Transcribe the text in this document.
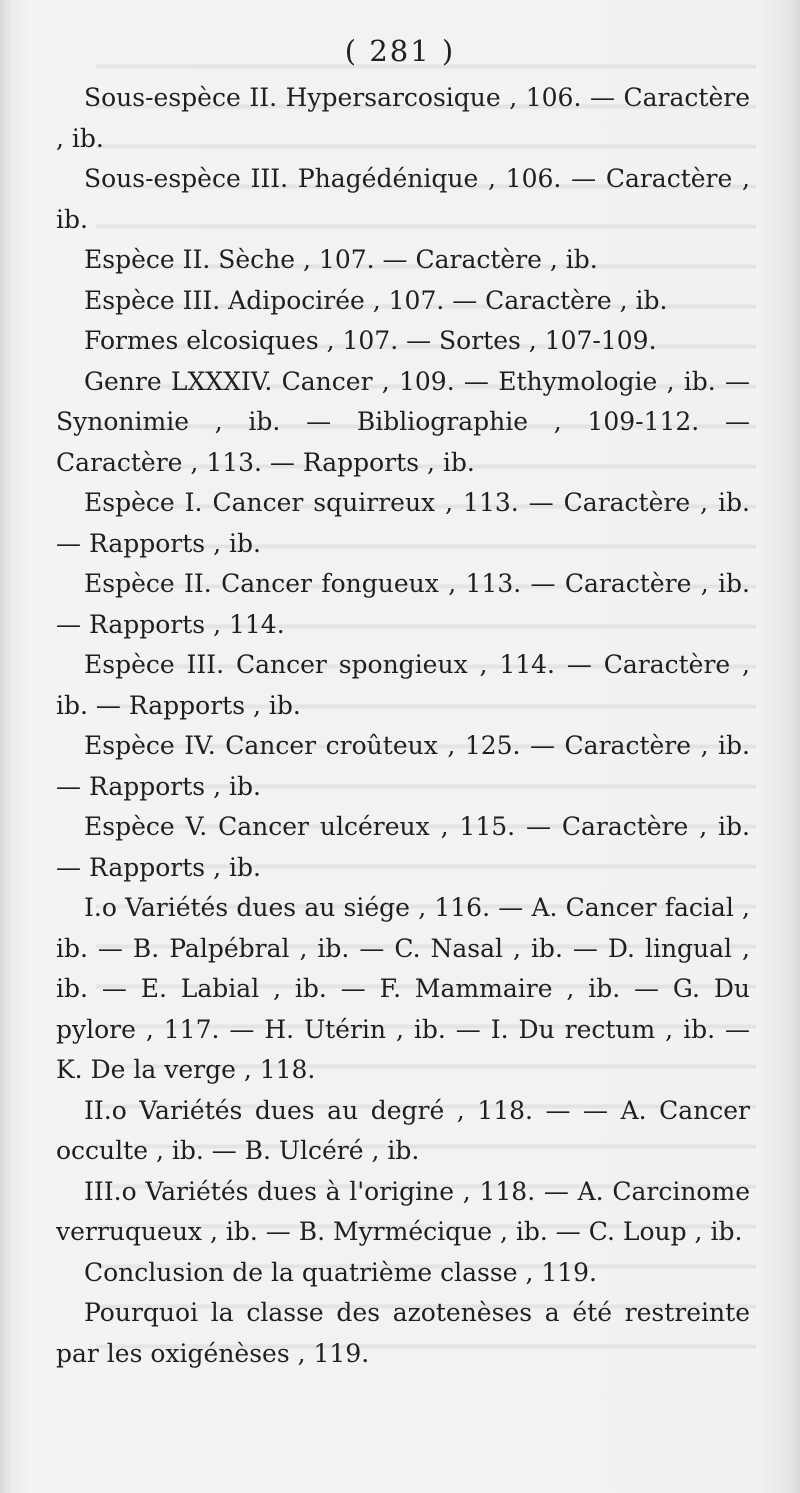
( 281 )

Sous-espèce II. Hypersarcosique , 106. — Caractère , ib.

Sous-espèce III. Phagédénique , 106. — Caractère , ib.

Espèce II. Sèche , 107. — Caractère , ib.

Espèce III. Adipocirée , 107. — Caractère , ib.

Formes elcosiques , 107. — Sortes , 107-109.

Genre LXXXIV. Cancer , 109. — Ethymologie , ib. — Synonimie , ib. — Bibliographie , 109-112. — Caractère , 113. — Rapports , ib.

Espèce I. Cancer squirreux , 113. — Caractère , ib. — Rapports , ib.

Espèce II. Cancer fongueux , 113. — Caractère , ib. — Rapports , 114.

Espèce III. Cancer spongieux , 114. — Caractère , ib. — Rapports , ib.

Espèce IV. Cancer croûteux , 125. — Caractère , ib. — Rapports , ib.

Espèce V. Cancer ulcéreux , 115. — Caractère , ib. — Rapports , ib.

I.o Variétés dues au siége , 116. — A. Cancer facial , ib. — B. Palpébral , ib. — C. Nasal , ib. — D. lingual , ib. — E. Labial , ib. — F. Mammaire , ib. — G. Du pylore , 117. — H. Utérin , ib. — I. Du rectum , ib. — K. De la verge , 118.

II.o Variétés dues au degré , 118. — — A. Cancer occulte , ib. — B. Ulcéré , ib.

III.o Variétés dues à l'origine , 118. — A. Carcinome verruqueux , ib. — B. Myrmécique , ib. — C. Loup , ib.

Conclusion de la quatrième classe , 119.

Pourquoi la classe des azotenèses a été restreinte par les oxigénèses , 119.
